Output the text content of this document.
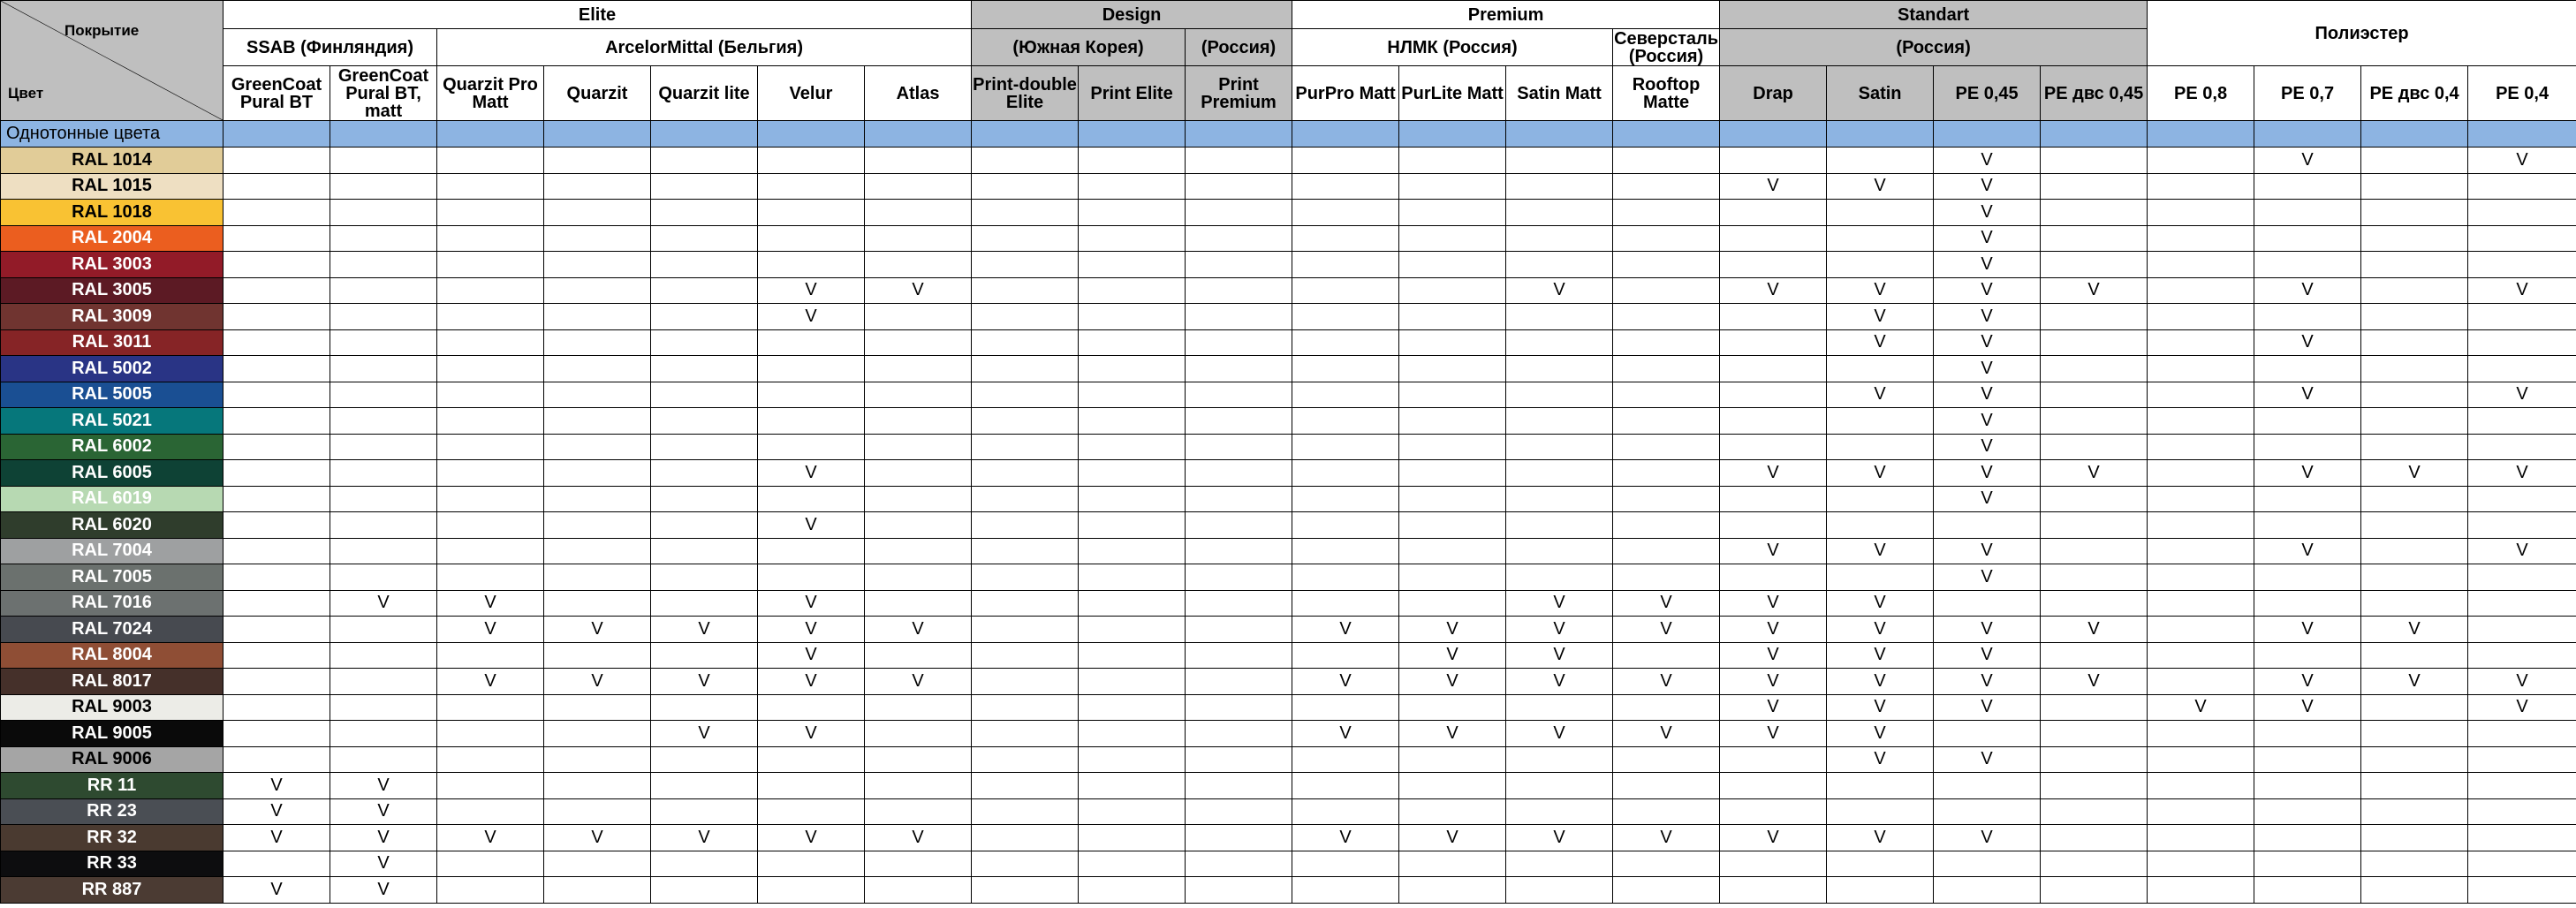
Покрытие
Цвет	Elite							Design			Premium				Standart				Полиэстер			
	SSAB (Финляндия)		ArcelorMittal (Бельгия)					(Южная Корея)		(Россия)	НЛМК (Россия)			Северсталь (Россия)	(Россия)							
	GreenCoat Pural BT	GreenCoat Pural BT, matt	Quarzit Pro Matt	Quarzit	Quarzit lite	Velur	Atlas	Print-double Elite	Print Elite	Print Premium	PurPro Matt	PurLite Matt	Satin Matt	Rooftop Matte	Drap	Satin	PE 0,45	PE двс 0,45	PE 0,8	PE 0,7	PE двс 0,4	PE 0,4
Однотонные цвета																						
RAL 1014																	V			V		V
RAL 1015															V	V	V					
RAL 1018																	V					
RAL 2004																	V					
RAL 3003																	V					
RAL 3005						V	V						V		V	V	V	V		V		V
RAL 3009						V										V	V					
RAL 3011																V	V			V		
RAL 5002																	V					
RAL 5005																V	V			V		V
RAL 5021																	V					
RAL 6002																	V					
RAL 6005						V									V	V	V	V		V	V	V
RAL 6019																	V					
RAL 6020						V																
RAL 7004															V	V	V			V		V
RAL 7005																	V					
RAL 7016		V	V			V							V	V	V	V						
RAL 7024			V	V	V	V	V				V	V	V	V	V	V	V	V		V	V	
RAL 8004						V						V	V		V	V	V					
RAL 8017			V	V	V	V	V				V	V	V	V	V	V	V	V		V	V	V
RAL 9003															V	V	V		V	V		V
RAL 9005					V	V					V	V	V	V	V	V						
RAL 9006																V	V					
RR 11	V	V																				
RR 23	V	V																				
RR 32	V	V	V	V	V	V	V				V	V	V	V	V	V	V					
RR 33		V																				
RR 887	V	V																				
